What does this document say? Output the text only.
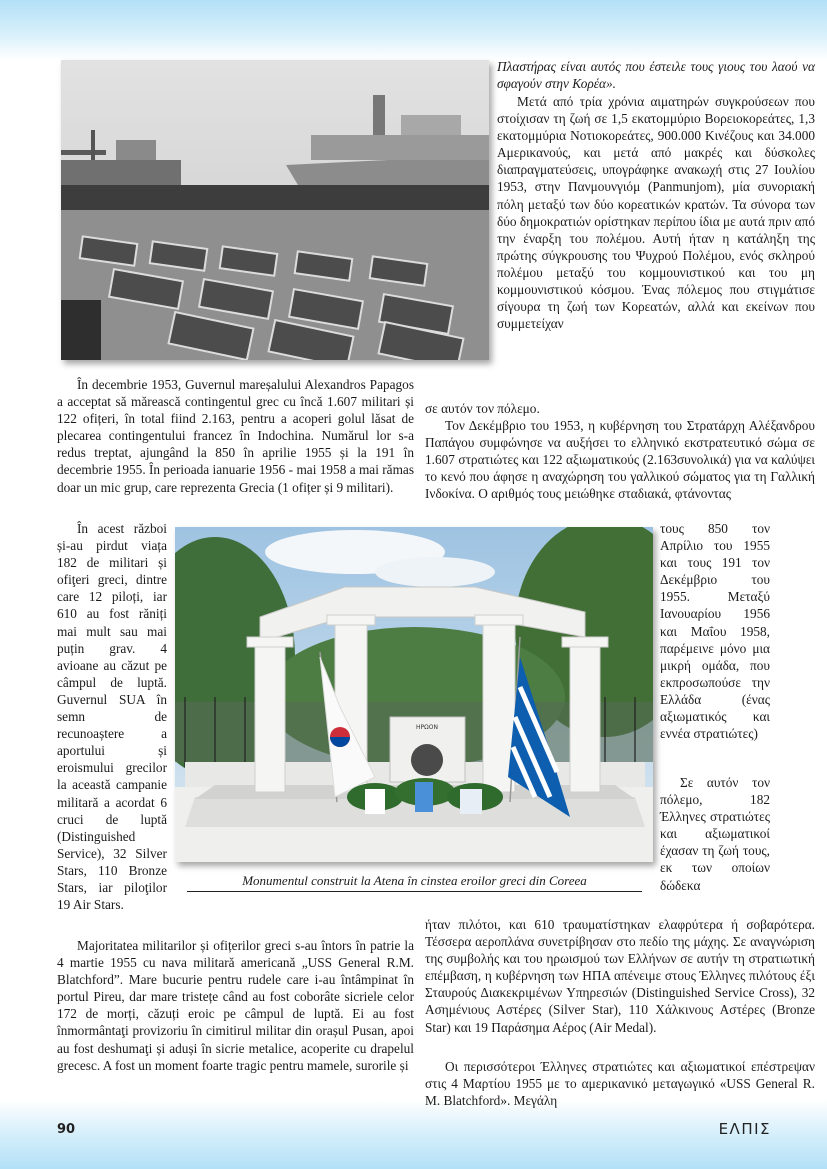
Πλαστήρας είναι αυτός που έστειλε τους γιους του λαού να σφαγούν στην Κορέα».

Μετά από τρία χρόνια αιματηρών συγκρούσεων που στοίχισαν τη ζωή σε 1,5 εκατομμύριο Βορειοκορεάτες, 1,3 εκατομμύρια Νοτιοκορεάτες, 900.000 Κινέζους και 34.000 Αμερικανούς, και μετά από μακρές και δύσκολες διαπραγματεύσεις, υπογράφηκε ανακωχή στις 27 Ιουλίου 1953, στην Πανμουνγιόμ (Panmunjom), μία συνοριακή πόλη μεταξύ των δύο κορεατικών κρατών. Τα σύνορα των δύο δημοκρατιών ορίστηκαν περίπου ίδια με αυτά πριν από την έναρξη του πολέμου. Αυτή ήταν η κατάληξη της πρώτης σύγκρουσης του Ψυχρού Πολέμου, ενός σκληρού πολέμου μεταξύ του κομμουνιστικού και του μη κομμουνιστικού κόσμου. Ένας πόλεμος που στιγμάτισε σίγουρα τη ζωή των Κορεατών, αλλά και εκείνων που συμμετείχαν

σε αυτόν τον πόλεμο.

În decembrie 1953, Guvernul mareșalului Alexandros Papagos a acceptat să mărească contingentul grec cu încă 1.607 militari și 122 ofițeri, în total fiind 2.163, pentru a acoperi golul lăsat de plecarea contingentului francez în Indochina. Numărul lor s-a redus treptat, ajungând la 850 în aprilie 1955 și la 191 în decembrie 1955. În perioada ianuarie 1956 - mai 1958 a mai rămas doar un mic grup, care reprezenta Grecia (1 ofițer și 9 militari).

Τον Δεκέμβριο του 1953, η κυβέρνηση του Στρατάρχη Αλέξανδρου Παπάγου συμφώνησε να αυξήσει το ελληνικό εκστρατευτικό σώμα σε 1.607 στρατιώτες και 122 αξιωματικούς (2.163συνολικά) για να καλύψει το κενό που άφησε η αναχώρηση του γαλλικού σώματος για τη Γαλλική Ινδοκίνα. Ο αριθμός τους μειώθηκε σταδιακά, φτάνοντας

În acest război și-au pirdut viața 182 de militari și ofiţeri greci, dintre care 12 piloți, iar 610 au fost răniți mai mult sau mai puțin grav. 4 avioane au căzut pe câmpul de luptă. Guvernul SUA în semn de recunoaștere a aportului și eroismului grecilor la această campanie militară a acordat 6 cruci de luptă (Distinguished Service), 32 Silver Stars, 110 Bronze Stars, iar piloţilor 19 Air Stars.

τους 850 τον Απρίλιο του 1955 και τους 191 τον Δεκέμβριο του 1955. Μεταξύ Ιανουαρίου 1956 και Μαΐου 1958, παρέμεινε μόνο μια μικρή ομάδα, που εκπροσωπούσε την Ελλάδα (ένας αξιωματικός και εννέα στρατιώτες)

Σε αυτόν τον πόλεμο, 182 Έλληνες στρατιώτες και αξιωματικοί έχασαν τη ζωή τους, εκ των οποίων δώδεκα

ΗΡΩΟΝ
Monumentul construit la Atena în cinstea eroilor greci din Coreea
ήταν πιλότοι, και 610 τραυματίστηκαν ελαφρύτερα ή σοβαρότερα. Τέσσερα αεροπλάνα συνετρίβησαν στο πεδίο της μάχης. Σε αναγνώριση της συμβολής και του ηρωισμού των Ελλήνων σε αυτήν τη στρατιωτική επέμβαση, η κυβέρνηση των ΗΠΑ απένειμε στους Έλληνες πιλότους έξι Σταυρούς Διακεκριμένων Υπηρεσιών (Distinguished Service Cross), 32 Ασημένιους Αστέρες (Silver Star), 110 Χάλκινους Αστέρες (Bronze Star) και 19 Παράσημα Αέρος (Air Medal).

Οι περισσότεροι Έλληνες στρατιώτες και αξιωματικοί επέστρεψαν στις 4 Μαρτίου 1955 με το αμερικανικό μεταγωγικό «USS General R. M. Blatchford». Μεγάλη

Majoritatea militarilor și ofițerilor greci s-au întors în patrie la 4 martie 1955 cu nava militară americană „USS General R.M. Blatchford”. Mare bucurie pentru rudele care i-au întâmpinat în portul Pireu, dar mare tristețe când au fost coborâte sicriele celor 172 de morți, căzuți eroic pe câmpul de luptă. Ei au fost înmormântaţi provizoriu în cimitirul militar din orașul Pusan, apoi au fost deshumaţi și aduși în sicrie metalice, acoperite cu drapelul grecesc. A fost un moment foarte tragic pentru mamele, surorile și

90	ΕΛΠΙΣ
